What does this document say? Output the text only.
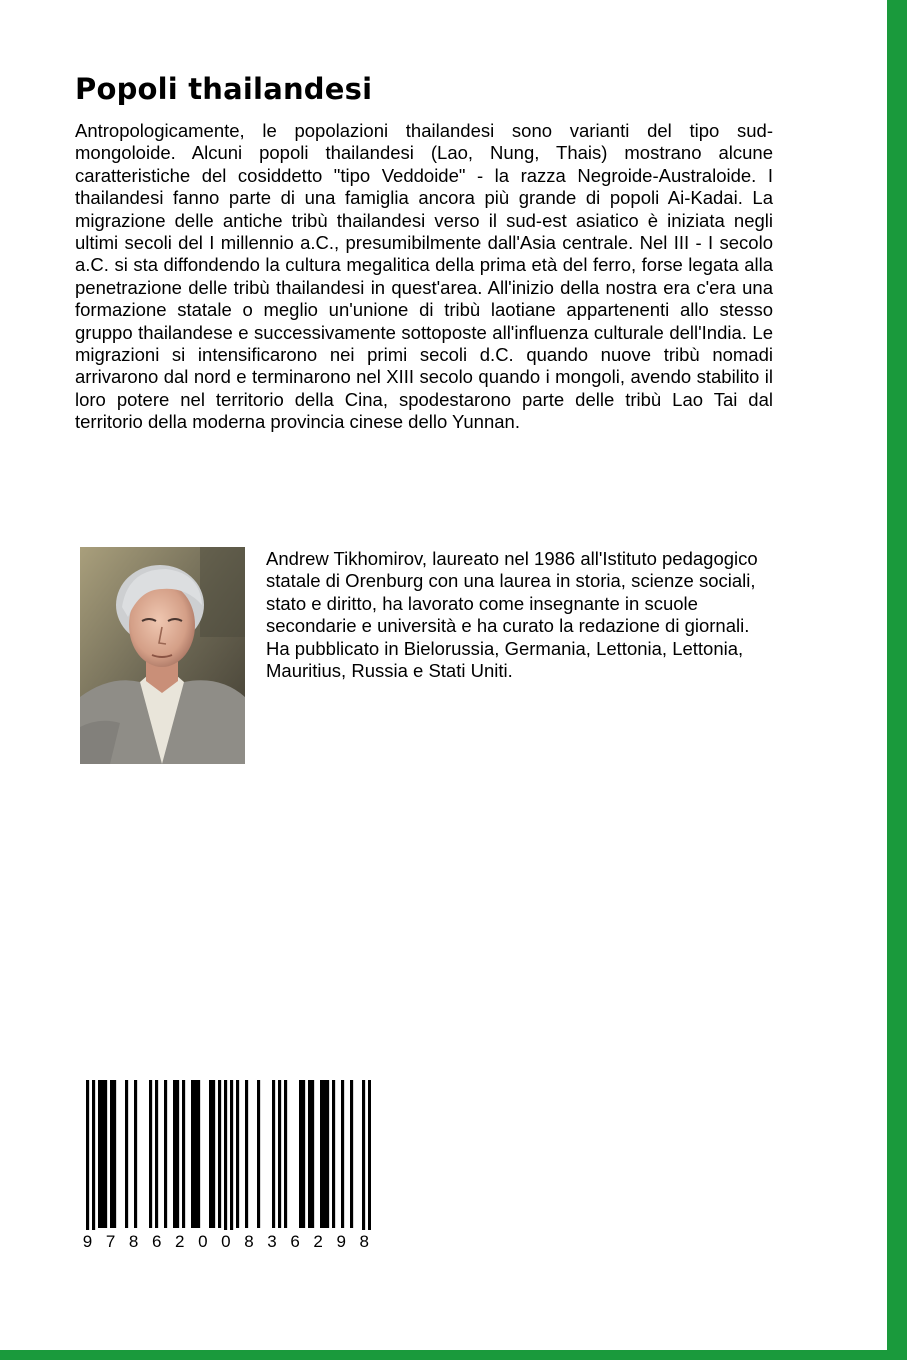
Popoli thailandesi

Antropologicamente, le popolazioni thailandesi sono varianti del tipo sud-mongoloide. Alcuni popoli thailandesi (Lao, Nung, Thais) mostrano alcune caratteristiche del cosiddetto "tipo Veddoide" - la razza Negroide-Australoide. I thailandesi fanno parte di una famiglia ancora più grande di popoli Ai-Kadai. La migrazione delle antiche tribù thailandesi verso il sud-est asiatico è iniziata negli ultimi secoli del I millennio a.C., presumibilmente dall'Asia centrale. Nel III - I secolo a.C. si sta diffondendo la cultura megalitica della prima età del ferro, forse legata alla penetrazione delle tribù thailandesi in quest'area. All'inizio della nostra era c'era una formazione statale o meglio un'unione di tribù laotiane appartenenti allo stesso gruppo thailandese e successivamente sottoposte all'influenza culturale dell'India. Le migrazioni si intensificarono nei primi secoli d.C. quando nuove tribù nomadi arrivarono dal nord e terminarono nel XIII secolo quando i mongoli, avendo stabilito il loro potere nel territorio della Cina, spodestarono parte delle tribù Lao Tai dal territorio della moderna provincia cinese dello Yunnan.

Andrew Tikhomirov, laureato nel 1986 all'Istituto pedagogico statale di Orenburg con una laurea in storia, scienze sociali, stato e diritto, ha lavorato come insegnante in scuole secondarie e università e ha curato la redazione di giornali. Ha pubblicato in Bielorussia, Germania, Lettonia, Lettonia, Mauritius, Russia e Stati Uniti.

9 7 8 6 2 0 0 8 3 6 2 9 8
